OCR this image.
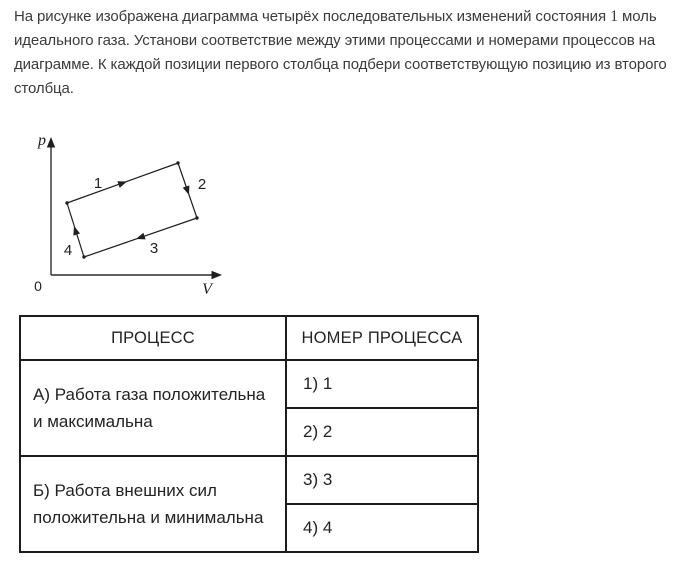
На рисунке изображена диаграмма четырёх последовательных изменений состояния 1 моль
идеального газа. Установи соответствие между этими процессами и номерами процессов на
диаграмме. К каждой позиции первого столбца подбери соответствующую позицию из второго
столбца.
p
V
0
1	2
3
4
ПРОЦЕСС	НОМЕР ПРОЦЕССА
А) Работа газа положительна и максимальна	1) 1
	2) 2
Б) Работа внешних сил положительна и минимальна	3) 3
	4) 4
